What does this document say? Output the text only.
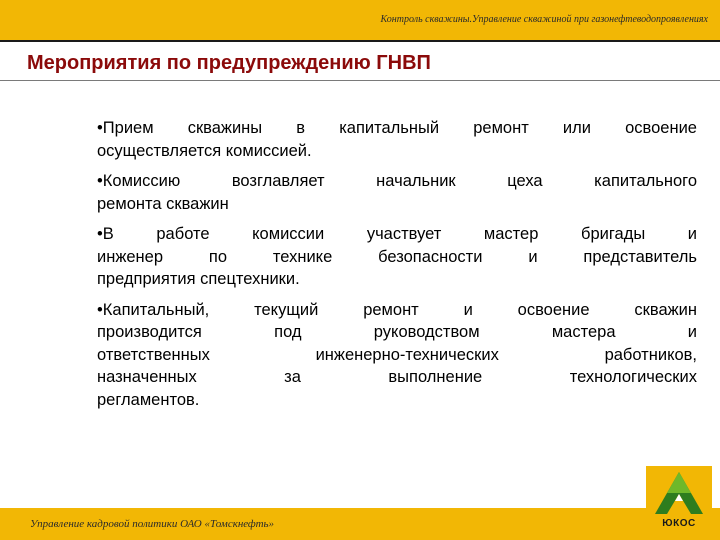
Контроль скважины.Управление скважиной при газонефтеводопроявлениях
Мероприятия по предупреждению ГНВП
•Прием скважины в капитальный ремонт или освоение
осуществляется комиссией.
•Комиссию возглавляет начальник цеха капитального
ремонта скважин
•В работе комиссии участвует мастер бригады и
инженер по технике безопасности и представитель
предприятия спецтехники.
•Капитальный, текущий ремонт и освоение скважин
производится под руководством мастера и
ответственных инженерно-технических работников,
назначенных за выполнение технологических
регламентов.
Управление кадровой политики ОАО «Томскнефть»	ЮКОС
